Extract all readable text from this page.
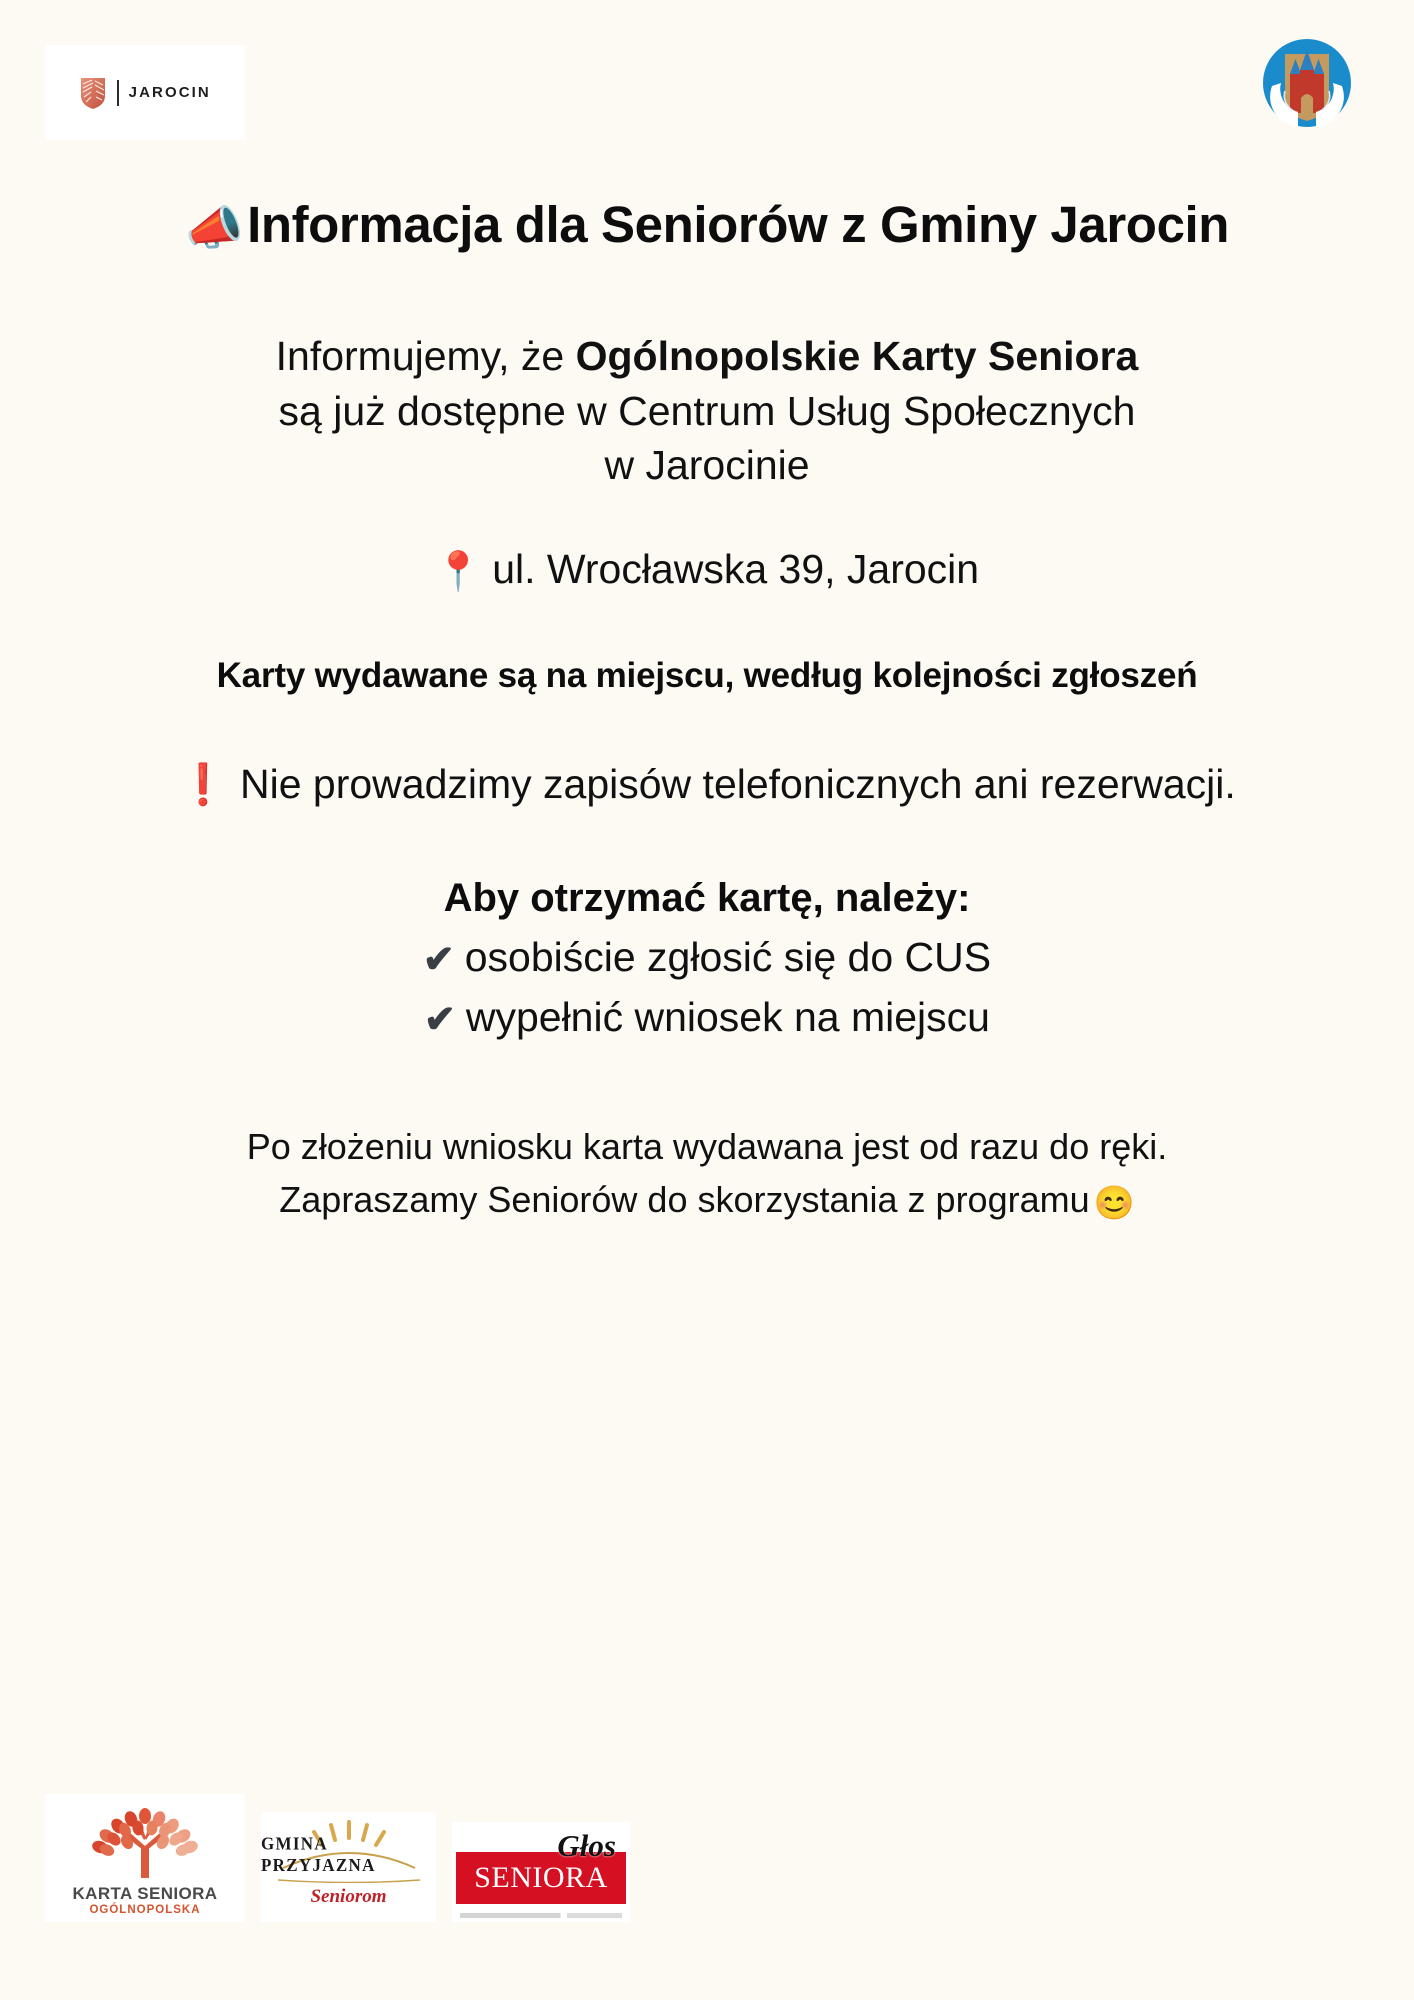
JAROCIN
📣Informacja dla Seniorów z Gminy Jarocin

Informujemy, że Ogólnopolskie Karty Seniora
są już dostępne w Centrum Usług Społecznych
w Jarocinie

📍 ul. Wrocławska 39, Jarocin

Karty wydawane są na miejscu, według kolejności zgłoszeń

❗ Nie prowadzimy zapisów telefonicznych ani rezerwacji.

Aby otrzymać kartę, należy:

✔ osobiście zgłosić się do CUS
✔ wypełnić wniosek na miejscu

Po złożeniu wniosku karta wydawana jest od razu do ręki.
Zapraszamy Seniorów do skorzystania z programu 😊

KARTA SENIORA
OGÓLNOPOLSKA
GMINA PRZYJAZNA
Seniorom
SENIORA
Głos
